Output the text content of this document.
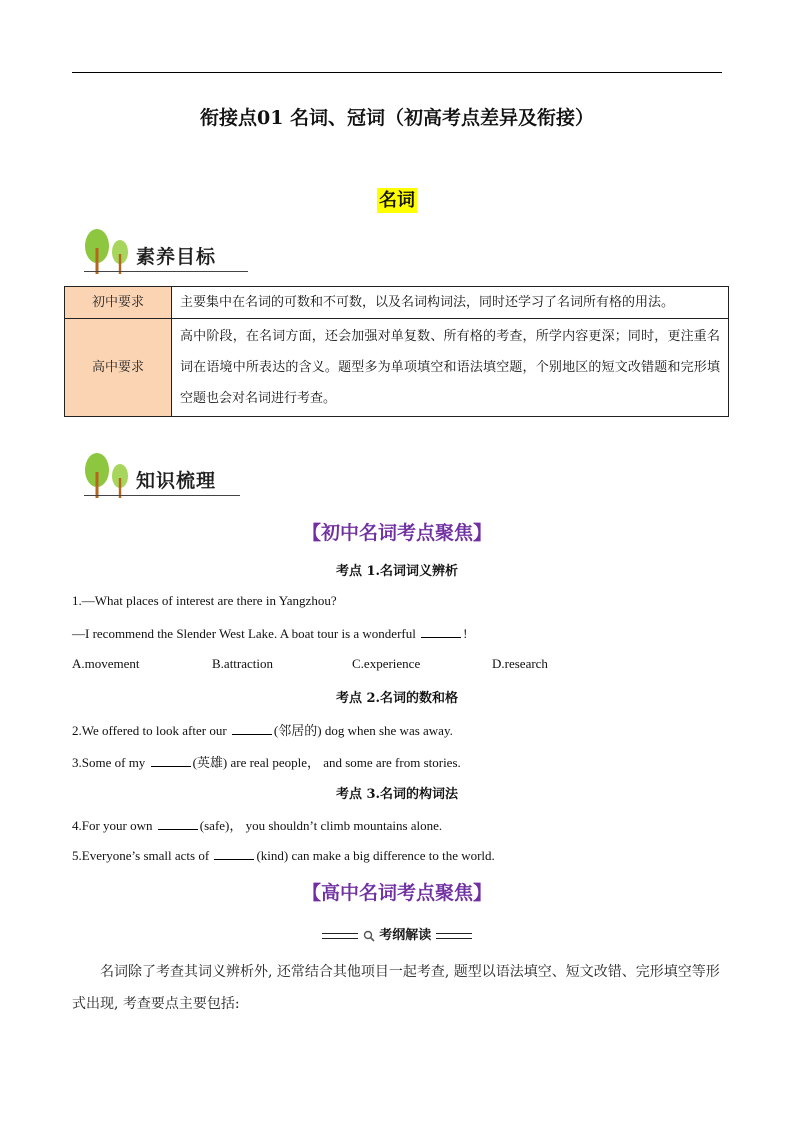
衔接点01 名词、冠词（初高考点差异及衔接）
名词
素养目标
初中要求	主要集中在名词的可数和不可数，以及名词构词法，同时还学习了名词所有格的用法。
高中要求	高中阶段，在名词方面，还会加强对单复数、所有格的考查，所学内容更深；同时，更注重名词在语境中所表达的含义。题型多为单项填空和语法填空题，个别地区的短文改错题和完形填空题也会对名词进行考查。
知识梳理
【初中名词考点聚焦】
考点 1.名词词义辨析
1.—What places of interest are there in Yangzhou?
—I recommend the Slender West Lake. A boat tour is a wonderful	!
A.movement	B.attraction	C.experience	D.research
考点 2.名词的数和格
2.We offered to look after our	(邻居的) dog when she was away.
3.Some of my	(英雄) are real people， and some are from stories.
考点 3.名词的构词法
4.For your own	(safe)， you shouldn’t climb mountains alone.
5.Everyone’s small acts of	(kind) can make a big difference to the world.
【高中名词考点聚焦】
考纲解读
名词除了考查其词义辨析外, 还常结合其他项目一起考查, 题型以语法填空、短文改错、完形填空等形式出现, 考查要点主要包括:
